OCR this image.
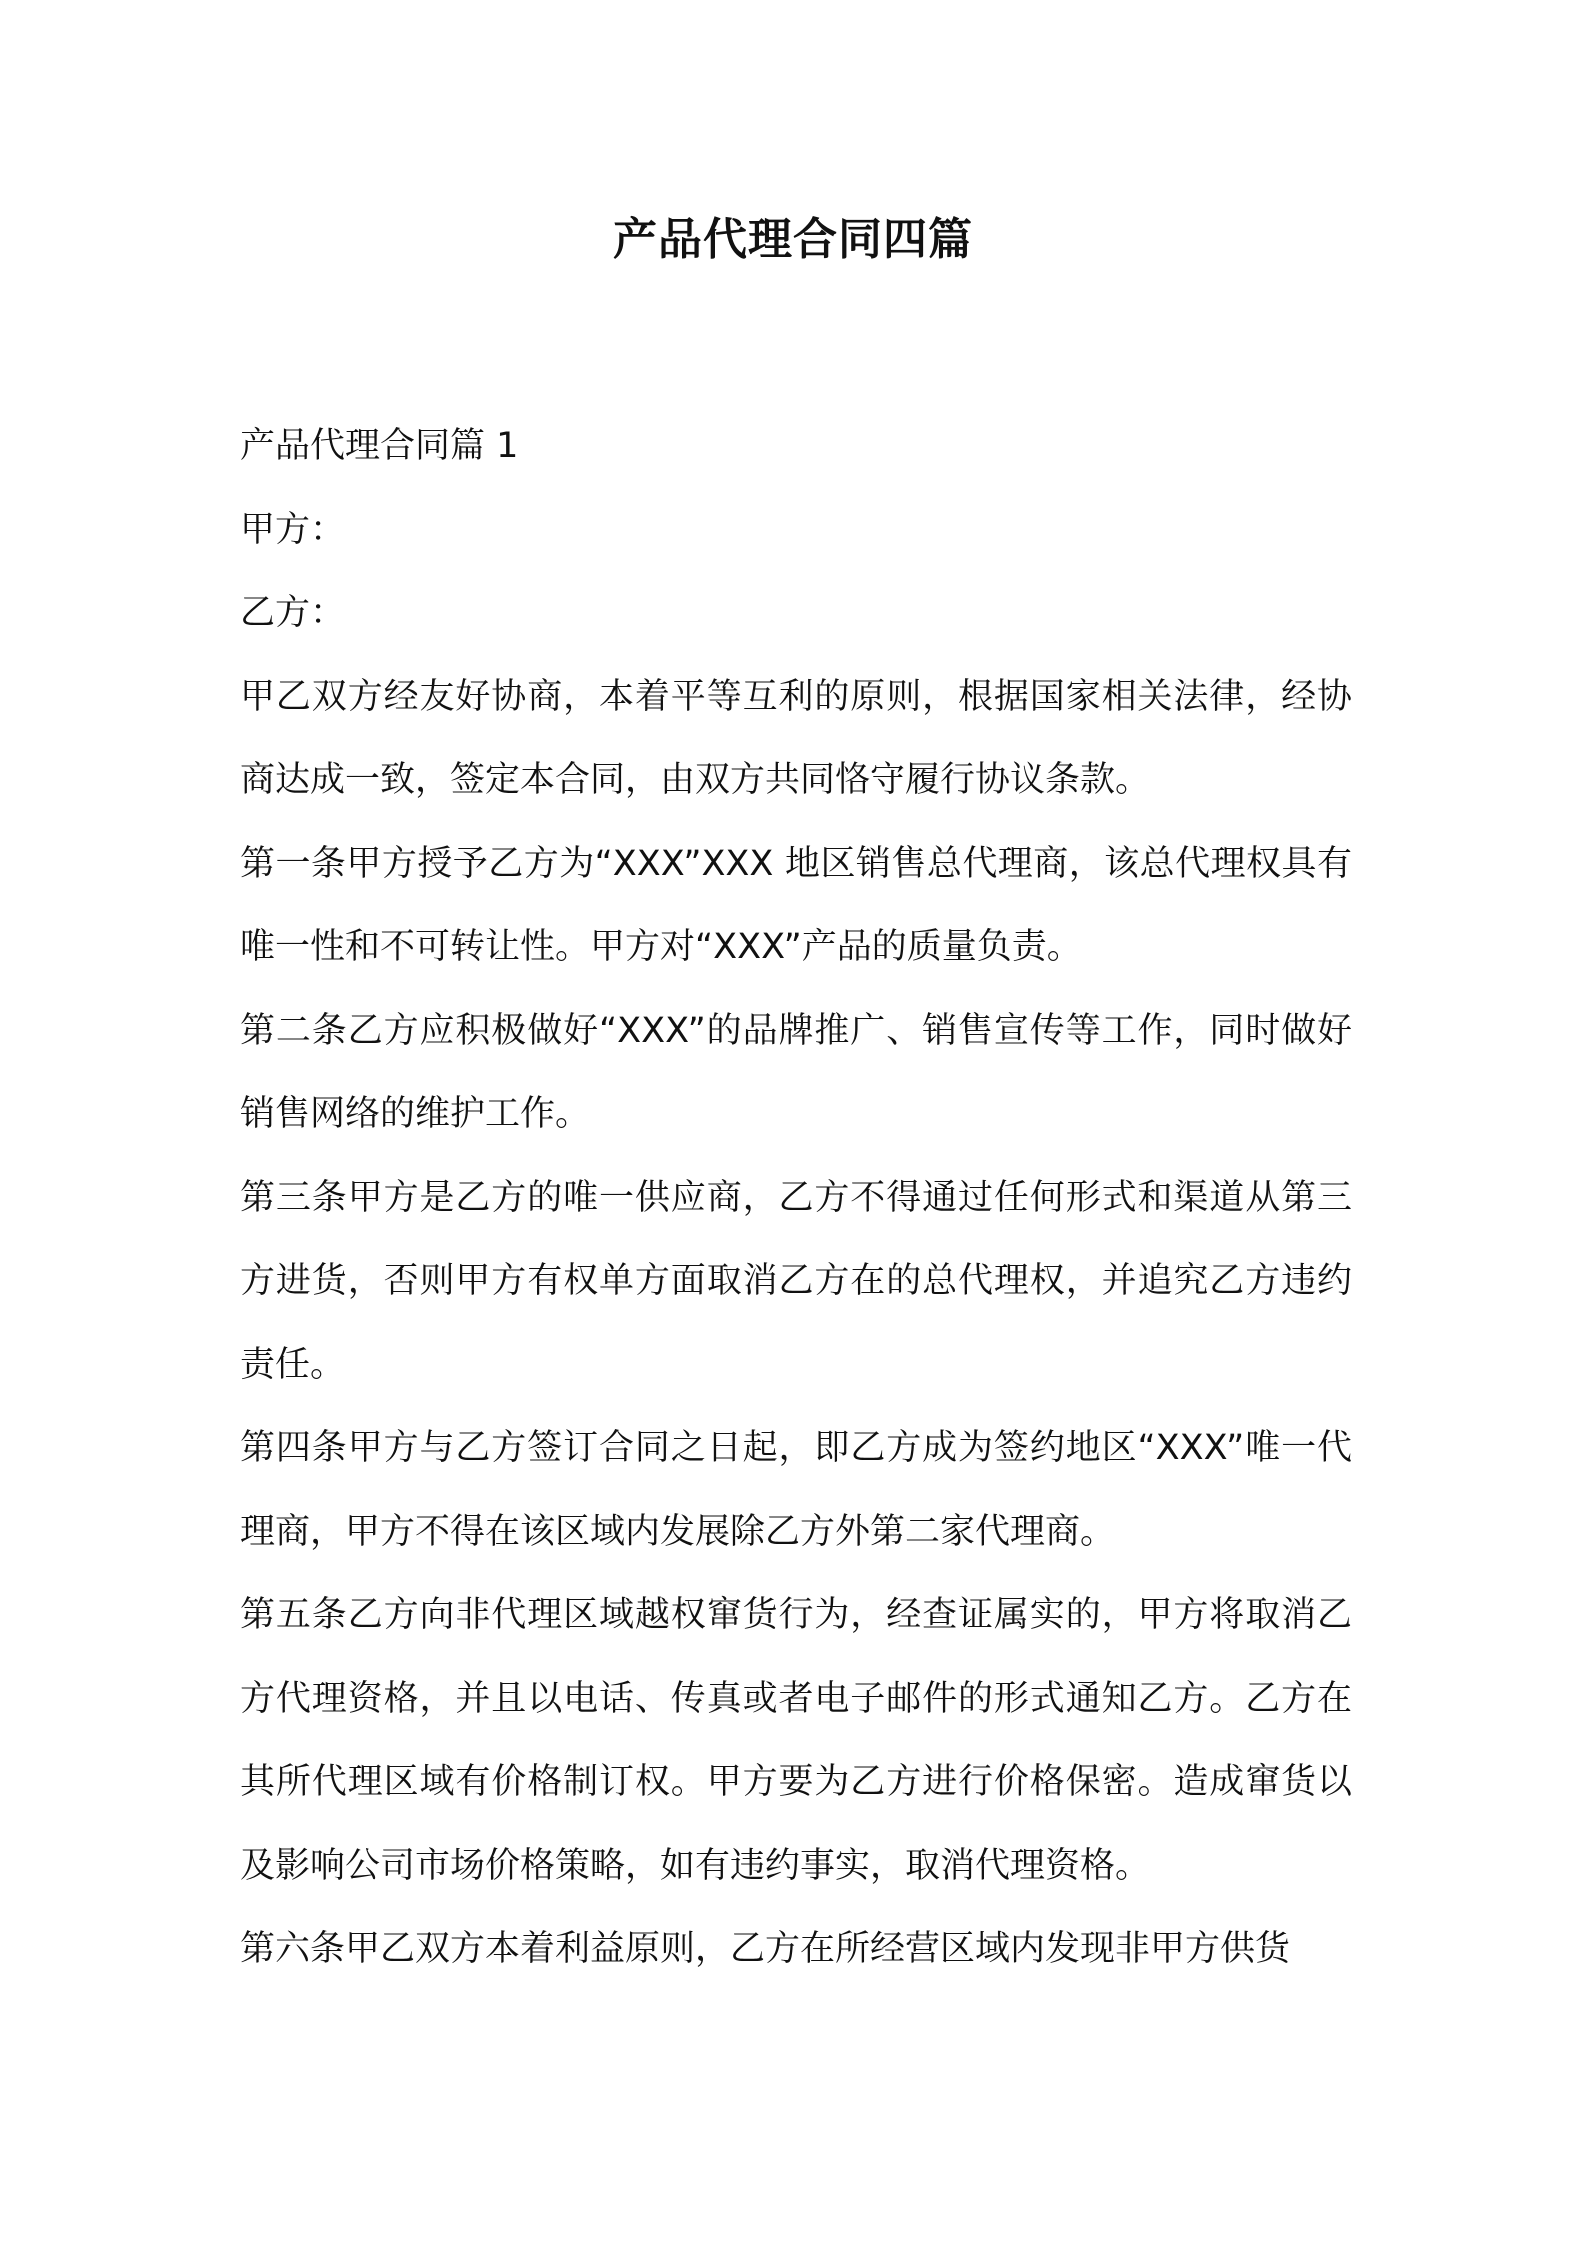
产品代理合同四篇

产品代理合同篇 1

甲方：

乙方：

甲乙双方经友好协商，本着平等互利的原则，根据国家相关法律，经协商达成一致，签定本合同，由双方共同恪守履行协议条款。

第一条甲方授予乙方为“XXX”XXX 地区销售总代理商，该总代理权具有唯一性和不可转让性。甲方对“XXX”产品的质量负责。

第二条乙方应积极做好“XXX”的品牌推广、销售宣传等工作，同时做好销售网络的维护工作。

第三条甲方是乙方的唯一供应商，乙方不得通过任何形式和渠道从第三方进货，否则甲方有权单方面取消乙方在的总代理权，并追究乙方违约责任。

第四条甲方与乙方签订合同之日起，即乙方成为签约地区“XXX”唯一代理商，甲方不得在该区域内发展除乙方外第二家代理商。

第五条乙方向非代理区域越权窜货行为，经查证属实的，甲方将取消乙方代理资格，并且以电话、传真或者电子邮件的形式通知乙方。乙方在其所代理区域有价格制订权。甲方要为乙方进行价格保密。造成窜货以及影响公司市场价格策略，如有违约事实，取消代理资格。

第六条甲乙双方本着利益原则，乙方在所经营区域内发现非甲方供货
